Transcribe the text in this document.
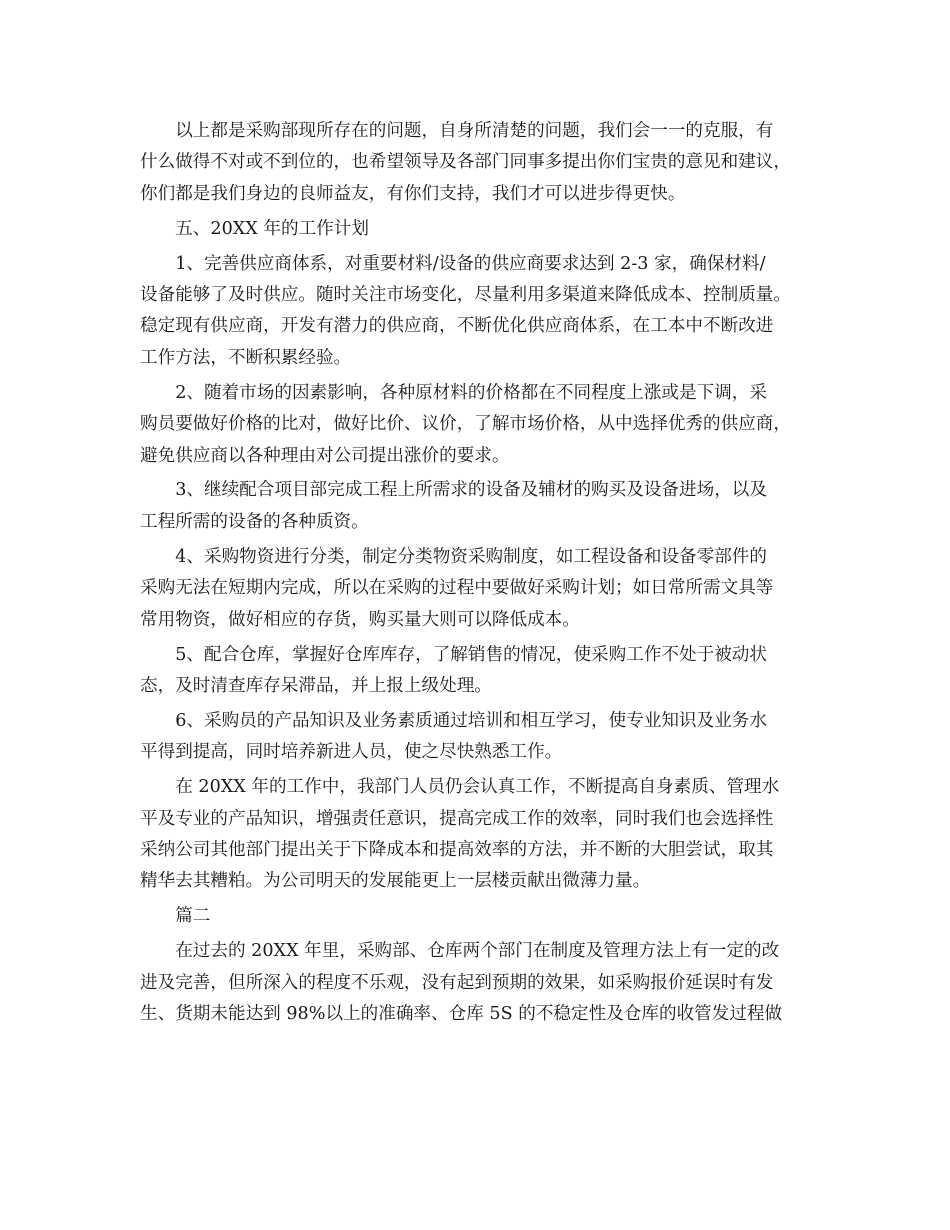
以上都是采购部现所存在的问题，自身所清楚的问题，我们会一一的克服，有
什么做得不对或不到位的，也希望领导及各部门同事多提出你们宝贵的意见和建议，
你们都是我们身边的良师益友，有你们支持，我们才可以进步得更快。

五、20XX 年的工作计划

1、完善供应商体系，对重要材料/设备的供应商要求达到 2-3 家，确保材料/
设备能够了及时供应。随时关注市场变化，尽量利用多渠道来降低成本、控制质量。
稳定现有供应商，开发有潜力的供应商，不断优化供应商体系，在工本中不断改进
工作方法，不断积累经验。

2、随着市场的因素影响，各种原材料的价格都在不同程度上涨或是下调，采
购员要做好价格的比对，做好比价、议价，了解市场价格，从中选择优秀的供应商，
避免供应商以各种理由对公司提出涨价的要求。

3、继续配合项目部完成工程上所需求的设备及辅材的购买及设备进场，以及
工程所需的设备的各种质资。

4、采购物资进行分类，制定分类物资采购制度，如工程设备和设备零部件的
采购无法在短期内完成，所以在采购的过程中要做好采购计划；如日常所需文具等
常用物资，做好相应的存货，购买量大则可以降低成本。

5、配合仓库，掌握好仓库库存，了解销售的情况，使采购工作不处于被动状
态，及时清查库存呆滞品，并上报上级处理。

6、采购员的产品知识及业务素质通过培训和相互学习，使专业知识及业务水
平得到提高，同时培养新进人员，使之尽快熟悉工作。

在 20XX 年的工作中，我部门人员仍会认真工作，不断提高自身素质、管理水
平及专业的产品知识，增强责任意识，提高完成工作的效率，同时我们也会选择性
采纳公司其他部门提出关于下降成本和提高效率的方法，并不断的大胆尝试，取其
精华去其糟粕。为公司明天的发展能更上一层楼贡献出微薄力量。

篇二

在过去的 20XX 年里，采购部、仓库两个部门在制度及管理方法上有一定的改
进及完善，但所深入的程度不乐观，没有起到预期的效果，如采购报价延误时有发
生、货期未能达到 98%以上的准确率、仓库 5S 的不稳定性及仓库的收管发过程做
